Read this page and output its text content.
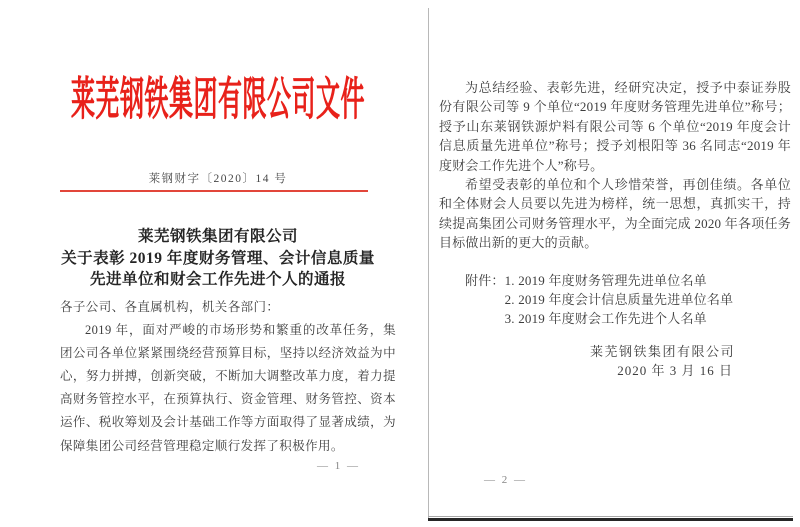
莱芜钢铁集团有限公司文件
莱钢财字〔2020〕14 号
莱芜钢铁集团有限公司
关于表彰 2019 年度财务管理、会计信息质量
先进单位和财会工作先进个人的通报

各子公司、各直属机构，机关各部门：

2019 年，面对严峻的市场形势和繁重的改革任务，集团公司各单位紧紧围绕经营预算目标，坚持以经济效益为中心，努力拼搏，创新突破，不断加大调整改革力度，着力提高财务管控水平，在预算执行、资金管理、财务管控、资本运作、税收筹划及会计基础工作等方面取得了显著成绩，为保障集团公司经营管理稳定顺行发挥了积极作用。

— 1 —

为总结经验、表彰先进，经研究决定，授予中泰证券股份有限公司等 9 个单位“2019 年度财务管理先进单位”称号；授予山东莱钢铁源炉料有限公司等 6 个单位“2019 年度会计信息质量先进单位”称号；授予刘根阳等 36 名同志“2019 年度财会工作先进个人”称号。

希望受表彰的单位和个人珍惜荣誉，再创佳绩。各单位和全体财会人员要以先进为榜样，统一思想，真抓实干，持续提高集团公司财务管理水平，为全面完成 2020 年各项任务目标做出新的更大的贡献。

附件： 1. 2019 年度财务管理先进单位名单
2. 2019 年度会计信息质量先进单位名单
3. 2019 年度财会工作先进个人名单
莱芜钢铁集团有限公司
2020 年 3 月 16 日
— 2 —
